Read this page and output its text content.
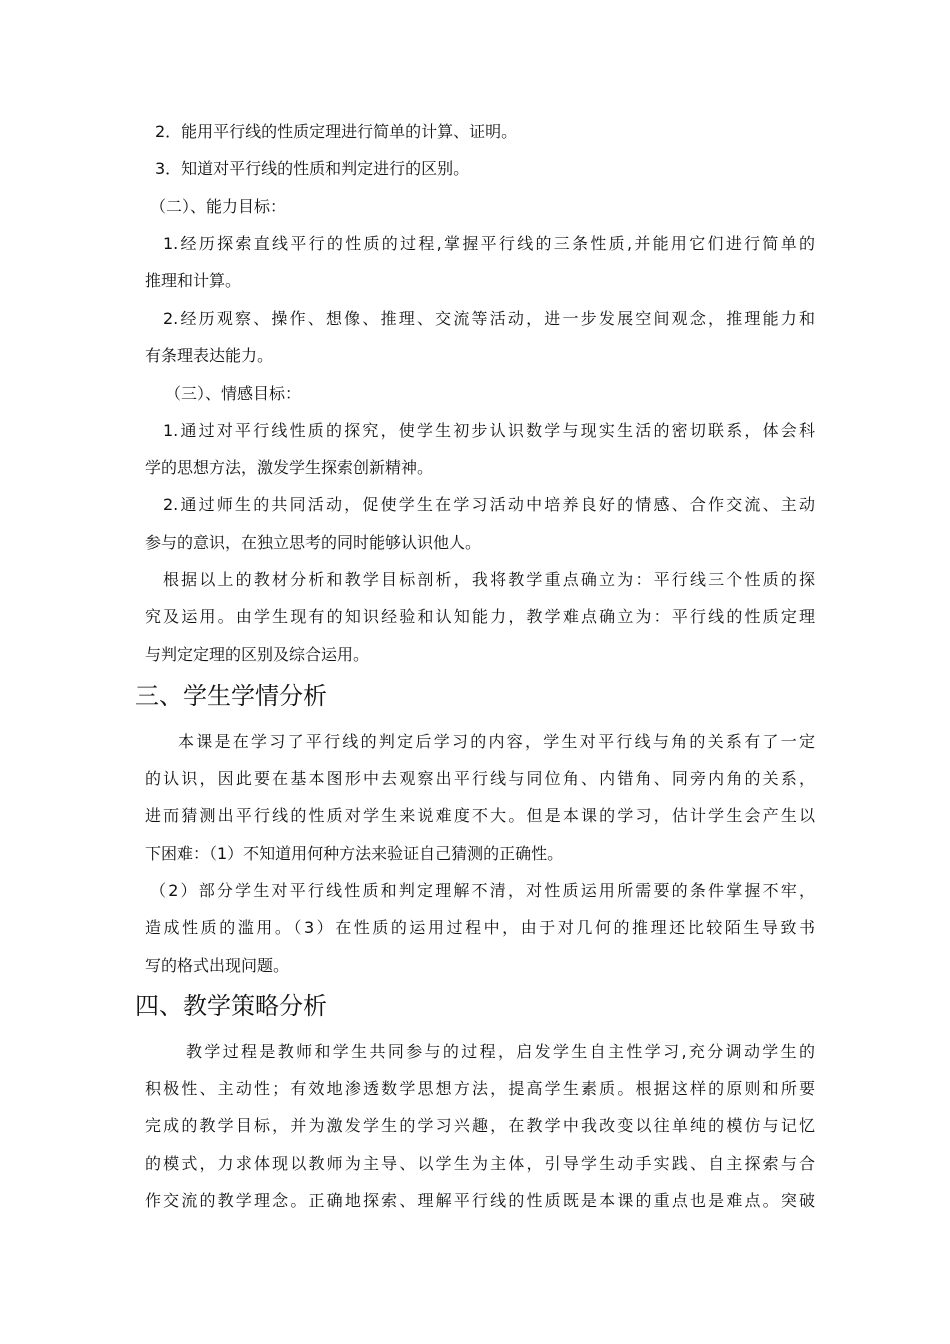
2．能用平行线的性质定理进行简单的计算、证明。
3．知道对平行线的性质和判定进行的区别。
（二）、能力目标：
1.经历探索直线平行的性质的过程,掌握平行线的三条性质,并能用它们进行简单的
推理和计算。
2.经历观察、操作、想像、推理、交流等活动，进一步发展空间观念，推理能力和
有条理表达能力。
（三）、情感目标：
1.通过对平行线性质的探究，使学生初步认识数学与现实生活的密切联系，体会科
学的思想方法，激发学生探索创新精神。
2.通过师生的共同活动，促使学生在学习活动中培养良好的情感、合作交流、主动
参与的意识，在独立思考的同时能够认识他人。
根据以上的教材分析和教学目标剖析，我将教学重点确立为：平行线三个性质的探
究及运用。由学生现有的知识经验和认知能力，教学难点确立为：平行线的性质定理
与判定定理的区别及综合运用。
三、学生学情分析
本课是在学习了平行线的判定后学习的内容，学生对平行线与角的关系有了一定
的认识，因此要在基本图形中去观察出平行线与同位角、内错角、同旁内角的关系，
进而猜测出平行线的性质对学生来说难度不大。但是本课的学习，估计学生会产生以
下困难：（1）不知道用何种方法来验证自己猜测的正确性。
（2）部分学生对平行线性质和判定理解不清，对性质运用所需要的条件掌握不牢，
造成性质的滥用。（3）在性质的运用过程中，由于对几何的推理还比较陌生导致书
写的格式出现问题。
四、教学策略分析
教学过程是教师和学生共同参与的过程，启发学生自主性学习,充分调动学生的
积极性、主动性；有效地渗透数学思想方法，提高学生素质。根据这样的原则和所要
完成的教学目标，并为激发学生的学习兴趣，在教学中我改变以往单纯的模仿与记忆
的模式，力求体现以教师为主导、以学生为主体，引导学生动手实践、自主探索与合
作交流的教学理念。正确地探索、理解平行线的性质既是本课的重点也是难点。突破
